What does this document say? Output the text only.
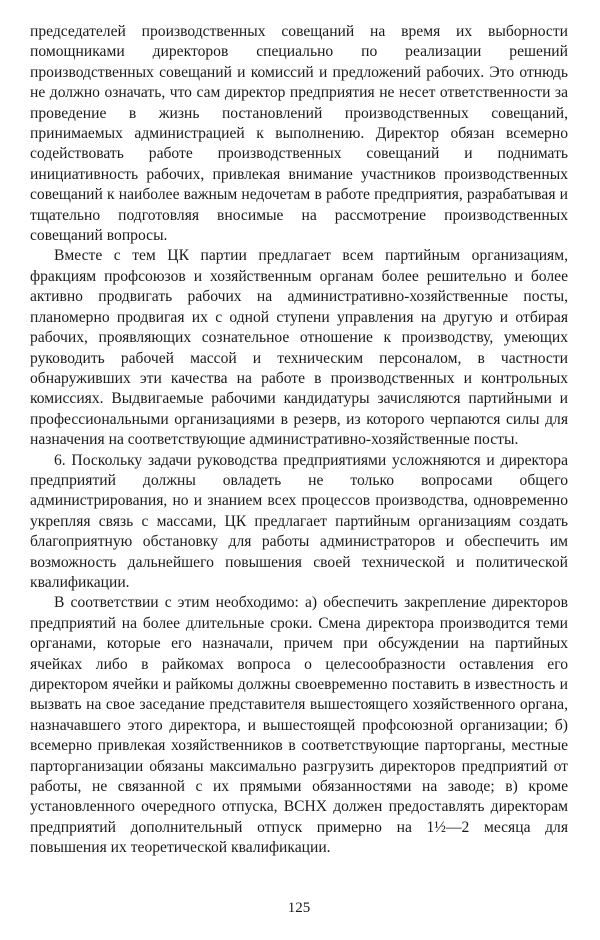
председателей производственных совещаний на время их выборности помощниками директоров специально по реализации решений производственных совещаний и комиссий и предложений рабочих. Это отнюдь не должно означать, что сам директор предприятия не несет ответственности за проведение в жизнь постановлений производственных совещаний, принимаемых администрацией к выполнению. Директор обязан всемерно содействовать работе производственных совещаний и поднимать инициативность рабочих, привлекая внимание участников производственных совещаний к наиболее важным недочетам в работе предприятия, разрабатывая и тщательно подготовляя вносимые на рассмотрение производственных совещаний вопросы.

Вместе с тем ЦК партии предлагает всем партийным организациям, фракциям профсоюзов и хозяйственным органам более решительно и более активно продвигать рабочих на административно-хозяйственные посты, планомерно продвигая их с одной ступени управления на другую и отбирая рабочих, проявляющих сознательное отношение к производству, умеющих руководить рабочей массой и техническим персоналом, в частности обнаруживших эти качества на работе в производственных и контрольных комиссиях. Выдвигаемые рабочими кандидатуры зачисляются партийными и профессиональными организациями в резерв, из которого черпаются силы для назначения на соответствующие административно-хозяйственные посты.

6. Поскольку задачи руководства предприятиями усложняются и директора предприятий должны овладеть не только вопросами общего администрирования, но и знанием всех процессов производства, одновременно укрепляя связь с массами, ЦК предлагает партийным организациям создать благоприятную обстановку для работы администраторов и обеспечить им возможность дальнейшего повышения своей технической и политической квалификации.

В соответствии с этим необходимо: а) обеспечить закрепление директоров предприятий на более длительные сроки. Смена директора производится теми органами, которые его назначали, причем при обсуждении на партийных ячейках либо в райкомах вопроса о целесообразности оставления его директором ячейки и райкомы должны своевременно поставить в известность и вызвать на свое заседание представителя вышестоящего хозяйственного органа, назначавшего этого директора, и вышестоящей профсоюзной организации; б) всемерно привлекая хозяйственников в соответствующие парторганы, местные парторганизации обязаны максимально разгрузить директоров предприятий от работы, не связанной с их прямыми обязанностями на заводе; в) кроме установленного очередного отпуска, ВСНХ должен предоставлять директорам предприятий дополнительный отпуск примерно на 1½—2 месяца для повышения их теоретической квалификации.

125
